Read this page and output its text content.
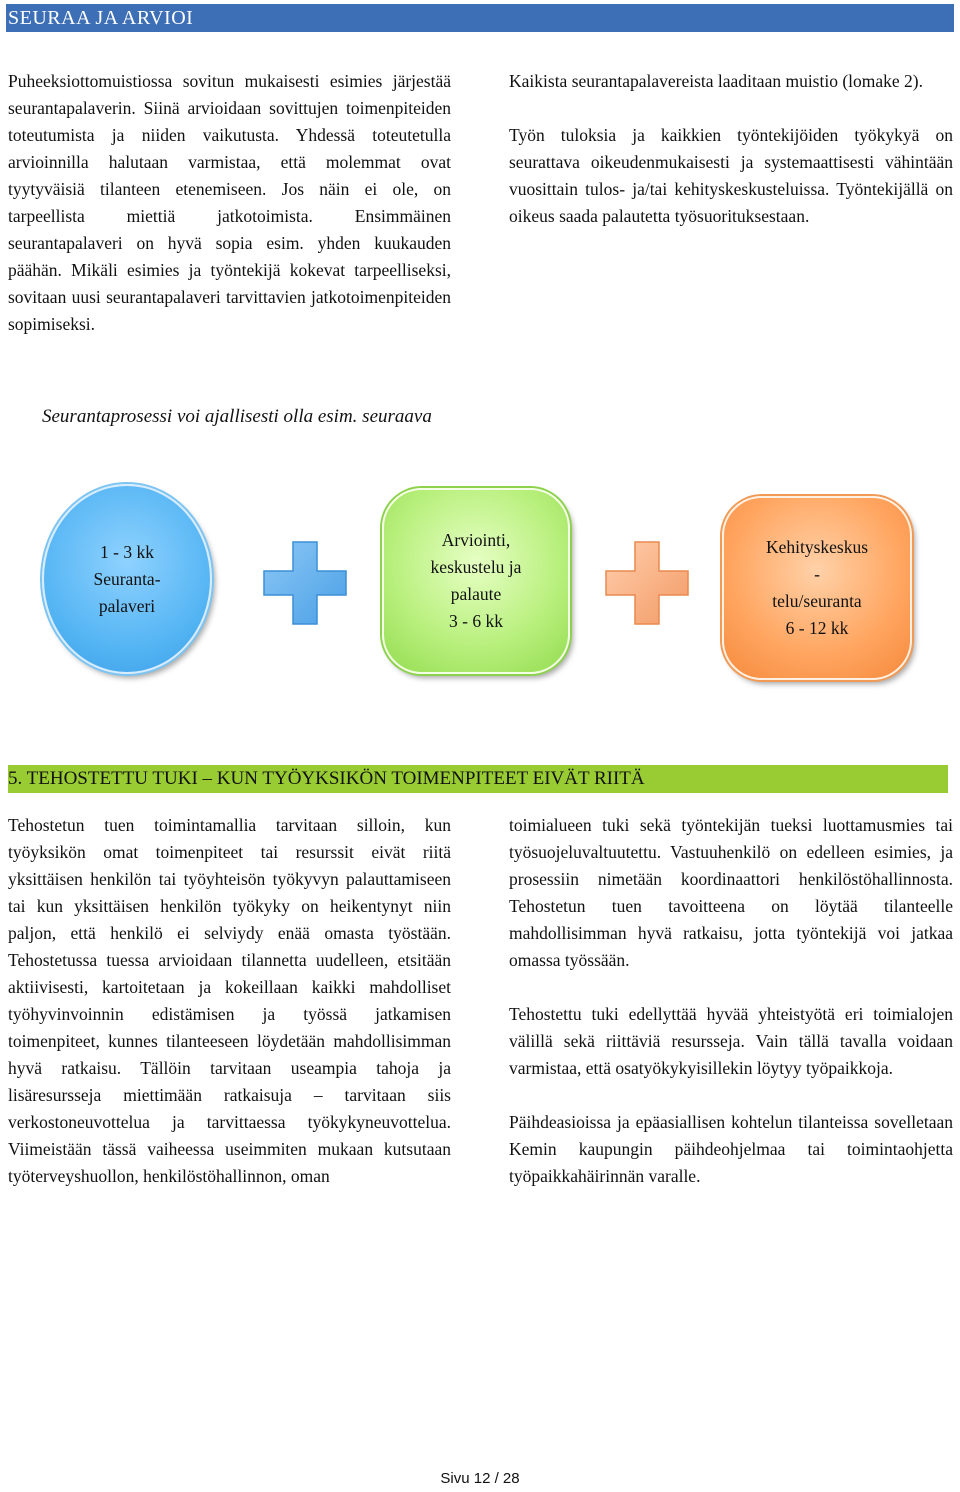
SEURAA JA ARVIOI

Puheeksiottomuistiossa sovitun mukaisesti esimies järjestää seurantapalaverin. Siinä arvioidaan sovittujen toimenpiteiden toteutumista ja niiden vaikutusta. Yhdessä toteutetulla arvioinnilla halutaan varmistaa, että molemmat ovat tyytyväisiä tilanteen etenemiseen. Jos näin ei ole, on tarpeellista miettiä jatkotoimista. Ensimmäinen seurantapalaveri on hyvä sopia esim. yhden kuukauden päähän. Mikäli esimies ja työntekijä kokevat tarpeelliseksi, sovitaan uusi seurantapalaveri tarvittavien jatkotoimenpiteiden sopimiseksi.

Kaikista seurantapalavereista laaditaan muistio (lomake 2).

Työn tuloksia ja kaikkien työntekijöiden työkykyä on seurattava oikeudenmukaisesti ja systemaattisesti vähintään vuosittain tulos- ja/tai kehityskeskusteluissa. Työntekijällä on oikeus saada palautetta työsuorituksestaan.

Seurantaprosessi voi ajallisesti olla esim. seuraava
1 - 3 kk
Seuranta-
palaveri
Arviointi,
keskustelu ja
palaute
3 - 6 kk
Kehityskeskus
-
telu/seuranta
6 - 12 kk
5. TEHOSTETTU TUKI – KUN TYÖYKSIKÖN TOIMENPITEET EIVÄT RIITÄ

Tehostetun tuen toimintamallia tarvitaan silloin, kun työyksikön omat toimenpiteet tai resurssit eivät riitä yksittäisen henkilön tai työyhteisön työkyvyn palauttamiseen tai kun yksittäisen henkilön työkyky on heikentynyt niin paljon, että henkilö ei selviydy enää omasta työstään. Tehostetussa tuessa arvioidaan tilannetta uudelleen, etsitään aktiivisesti, kartoitetaan ja kokeillaan kaikki mahdolliset työhyvinvoinnin edistämisen ja työssä jatkamisen toimenpiteet, kunnes tilanteeseen löydetään mahdollisimman hyvä ratkaisu. Tällöin tarvitaan useampia tahoja ja lisäresursseja miettimään ratkaisuja – tarvitaan siis verkostoneuvottelua ja tarvittaessa työkykyneuvottelua. Viimeistään tässä vaiheessa useimmiten mukaan kutsutaan työterveyshuollon, henkilöstöhallinnon, oman

toimialueen tuki sekä työntekijän tueksi luottamusmies tai työsuojeluvaltuutettu. Vastuuhenkilö on edelleen esimies, ja prosessiin nimetään koordinaattori henkilöstöhallinnosta. Tehostetun tuen tavoitteena on löytää tilanteelle mahdollisimman hyvä ratkaisu, jotta työntekijä voi jatkaa omassa työssään.

Tehostettu tuki edellyttää hyvää yhteistyötä eri toimialojen välillä sekä riittäviä resursseja. Vain tällä tavalla voidaan varmistaa, että osatyökykyisillekin löytyy työpaikkoja.

Päihdeasioissa ja epäasiallisen kohtelun tilanteissa sovelletaan Kemin kaupungin päihdeohjelmaa tai toimintaohjetta työpaikkahäirinnän varalle.

Sivu 12 / 28
